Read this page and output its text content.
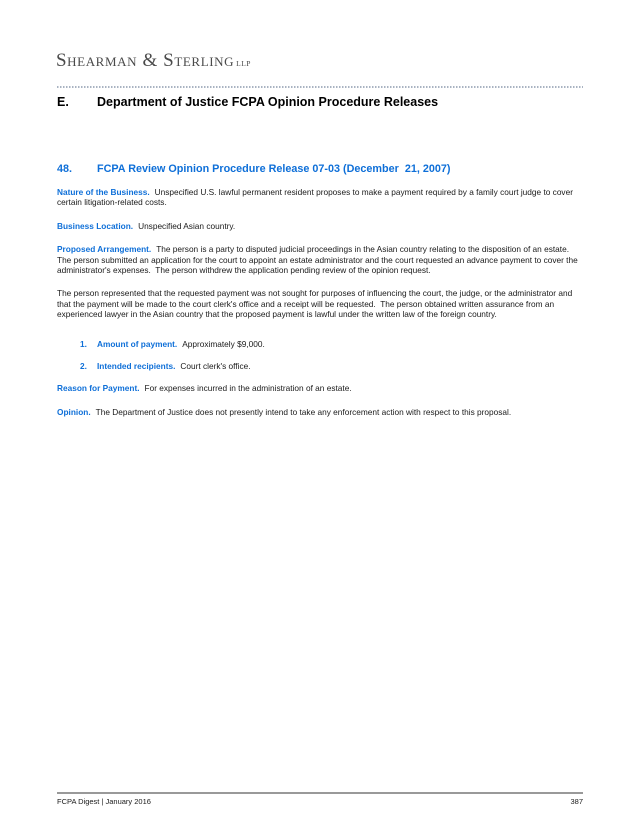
Shearman & Sterling LLP
E.	Department of Justice FCPA Opinion Procedure Releases
48.	FCPA Review Opinion Procedure Release 07-03 (December  21, 2007)

Nature of the Business. Unspecified U.S. lawful permanent resident proposes to make a payment required by a family court judge to cover certain litigation-related costs.

Business Location. Unspecified Asian country.

Proposed Arrangement. The person is a party to disputed judicial proceedings in the Asian country relating to the disposition of an estate.  The person submitted an application for the court to appoint an estate administrator and the court requested an advance payment to cover the administrator's expenses.  The person withdrew the application pending review of the opinion request.

The person represented that the requested payment was not sought for purposes of influencing the court, the judge, or the administrator and that the payment will be made to the court clerk's office and a receipt will be requested.  The person obtained written assurance from an experienced lawyer in the Asian country that the proposed payment is lawful under the written law of the foreign country.

1.	Amount of payment. Approximately $9,000.
2.	Intended recipients. Court clerk's office.

Reason for Payment. For expenses incurred in the administration of an estate.

Opinion. The Department of Justice does not presently intend to take any enforcement action with respect to this proposal.

FCPA Digest | January 2016	387
